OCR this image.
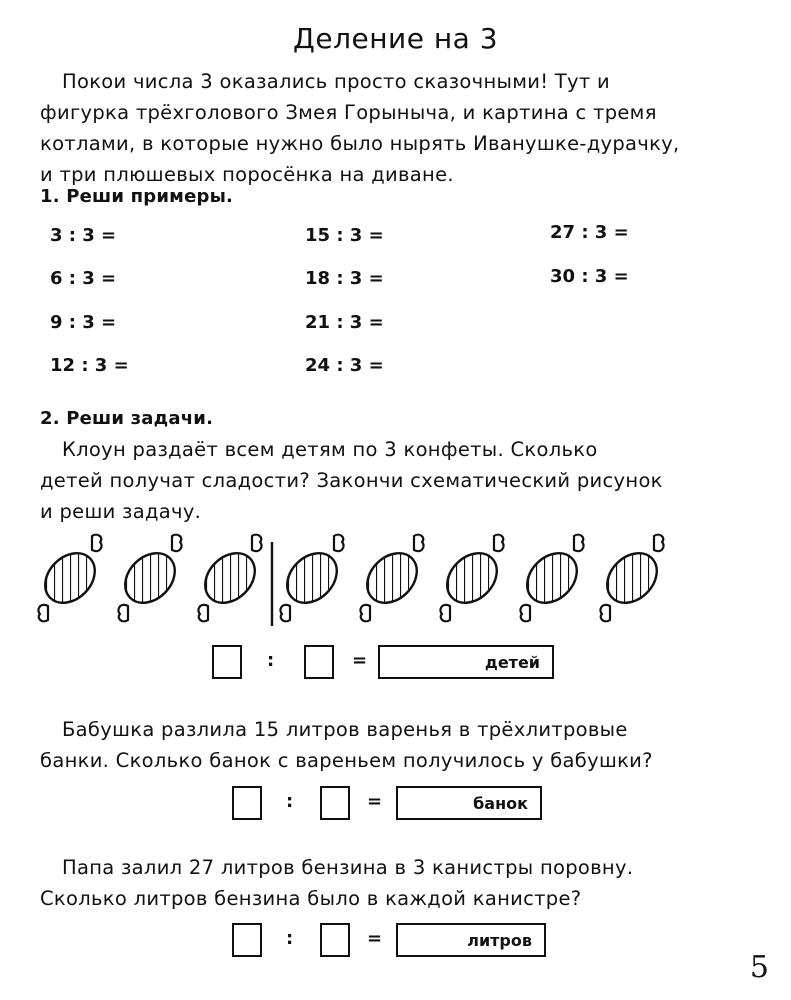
Деление на 3
Покои числа 3 оказались просто сказочными! Тут и
фигурка трёхголового Змея Горыныча, и картина с тремя
котлами, в которые нужно было нырять Иванушке-дурачку,
и три плюшевых поросёнка на диване.
1. Реши примеры.
3 : 3 =
6 : 3 =
9 : 3 =
12 : 3 =
15 : 3 =
18 : 3 =
21 : 3 =
24 : 3 =
27 : 3 =
30 : 3 =
2. Реши задачи.
Клоун раздаёт всем детям по 3 конфеты. Сколько
детей получат сладости? Закончи схематический рисунок
и реши задачу.
:	=	детей
Бабушка разлила 15 литров варенья в трёхлитровые
банки. Сколько банок с вареньем получилось у бабушки?
:	=	банок
Папа залил 27 литров бензина в 3 канистры поровну.
Сколько литров бензина было в каждой канистре?
:	=	литров
5
